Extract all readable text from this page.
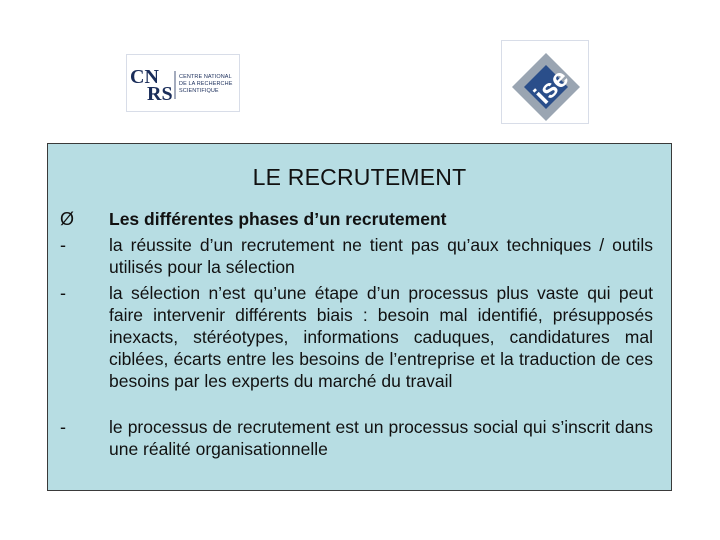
CN
RS
CENTRE NATIONAL
DE LA RECHERCHE
SCIENTIFIQUE	ise
LE RECRUTEMENT
Ø Les différentes phases d’un recrutement
- la réussite d’un recrutement ne tient pas qu’aux techniques / outils utilisés pour la sélection
- la sélection n’est qu’une étape d’un processus plus vaste qui peut faire intervenir différents biais : besoin mal identifié, présupposés inexacts, stéréotypes, informations caduques, candidatures mal ciblées, écarts entre les besoins de l’entreprise et la traduction de ces besoins par les experts du marché du travail
- le processus de recrutement est un processus social qui s’inscrit dans une réalité organisationnelle
